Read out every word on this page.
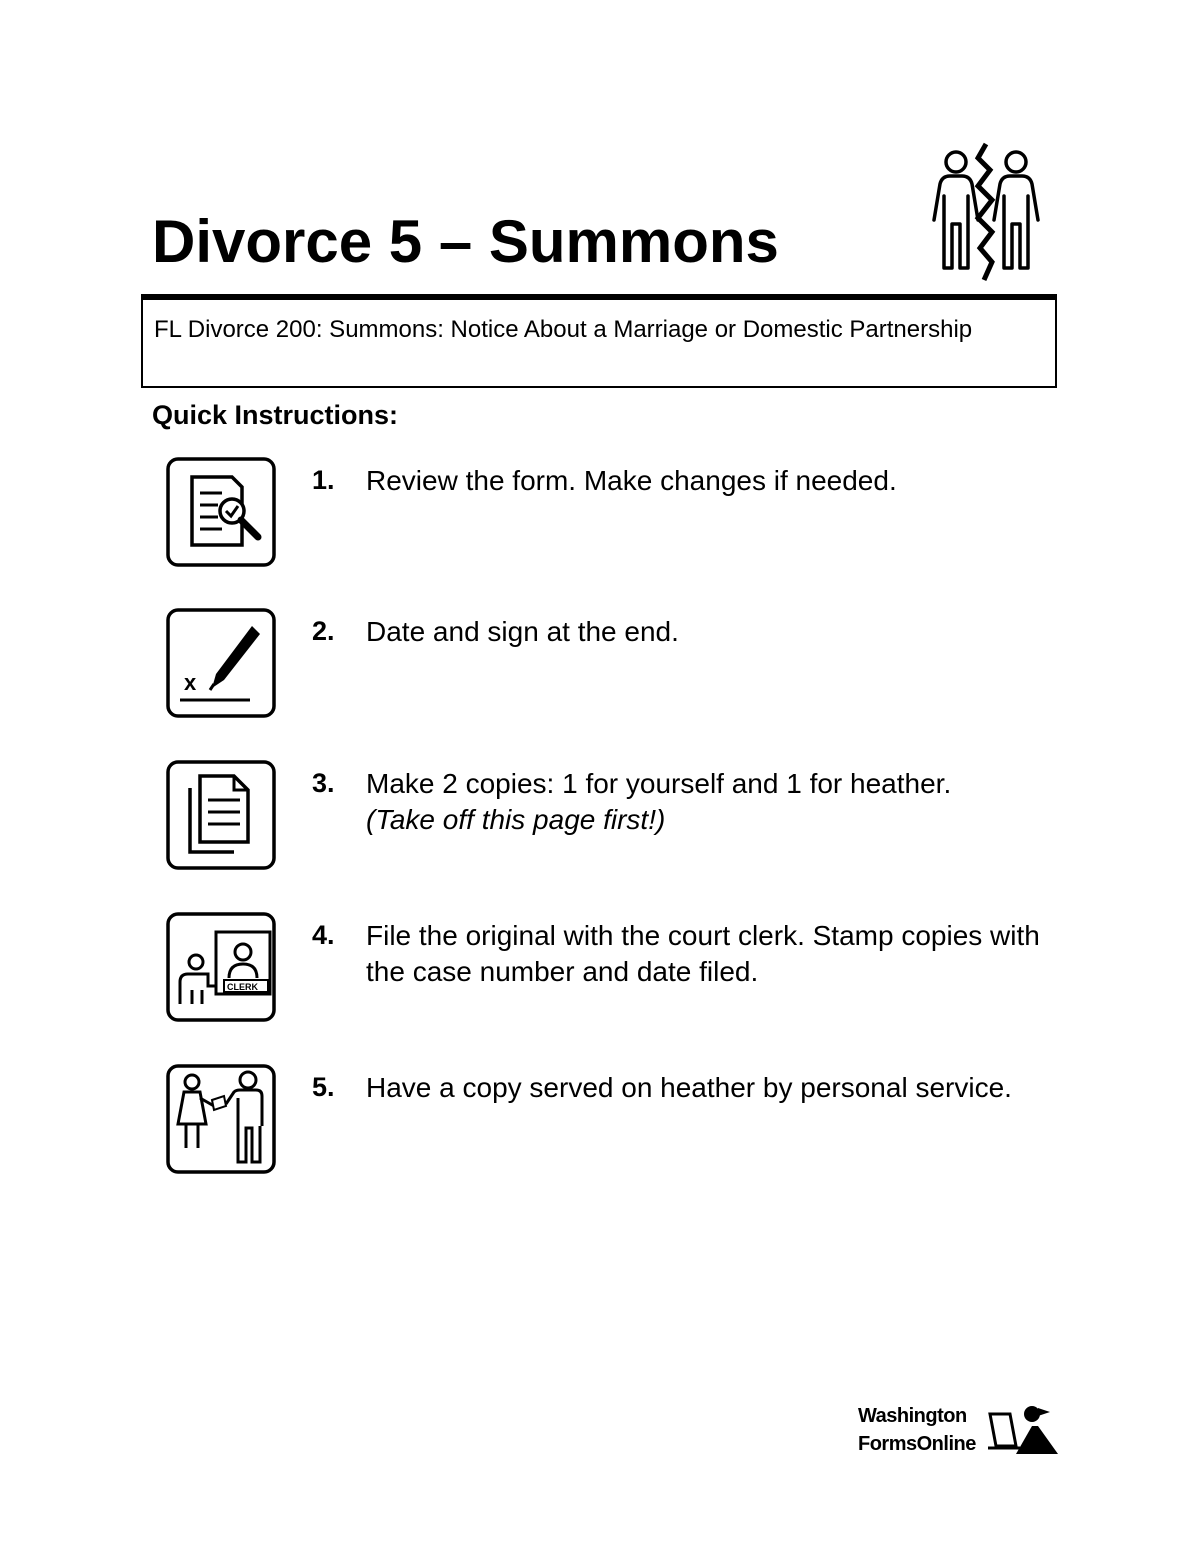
Divorce 5 – Summons
FL Divorce 200: Summons: Notice About a Marriage or Domestic Partnership
Quick Instructions:
1. Review the form. Make changes if needed.
x
2. Date and sign at the end.
3. Make 2 copies: 1 for yourself and 1 for heather.
(Take off this page first!)
CLERK
4. File the original with the court clerk. Stamp copies with the case number and date filed.
5. Have a copy served on heather by personal service.
Washington
FormsOnline
